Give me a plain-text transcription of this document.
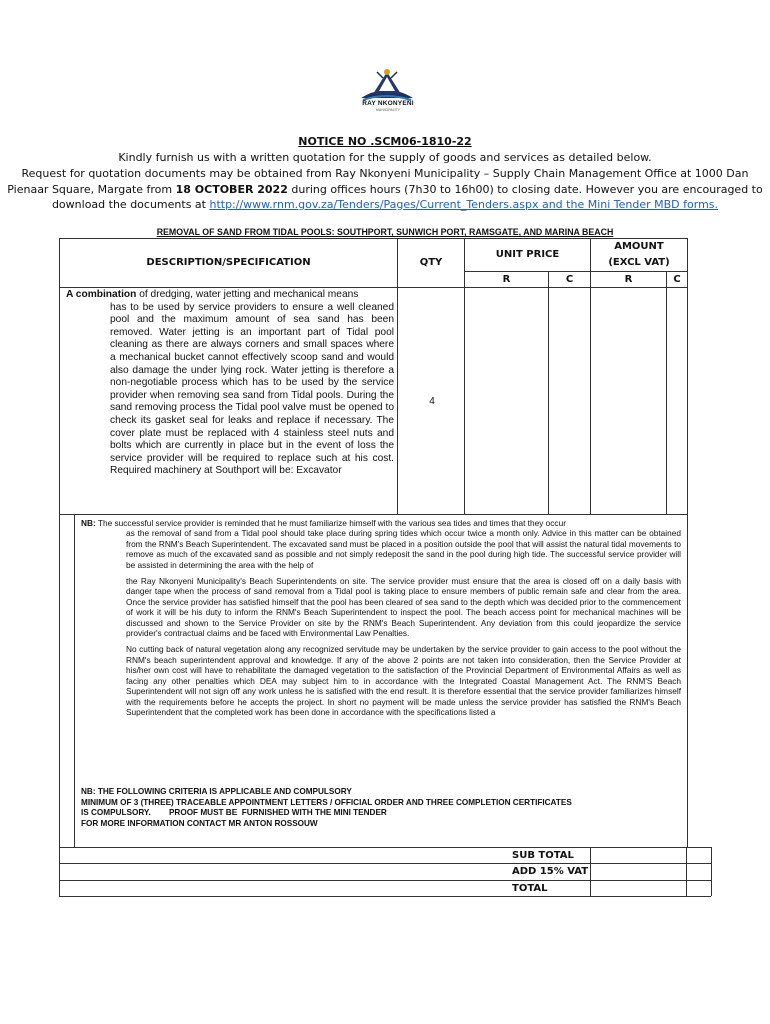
RAY NKONYENI
MUNICIPALITY
NOTICE NO .SCM06-1810-22
Kindly furnish us with a written quotation for the supply of goods and services as detailed below.
Request for quotation documents may be obtained from Ray Nkonyeni Municipality – Supply Chain Management Office at 1000 Dan
Pienaar Square, Margate from 18 OCTOBER 2022 during offices hours (7h30 to 16h00) to closing date. However you are encouraged to
download the documents at http://www.rnm.gov.za/Tenders/Pages/Current_Tenders.aspx and the Mini Tender MBD forms.
REMOVAL OF SAND FROM TIDAL POOLS: SOUTHPORT, SUNWICH PORT, RAMSGATE, AND MARINA BEACH
DESCRIPTION/SPECIFICATION	QTY
UNIT PRICE
AMOUNT
(EXCL VAT)
R	C	R	C
A combination of dredging, water jetting and mechanical means
has to be used by service providers to ensure a well cleaned pool and the maximum amount of sea sand has been removed. Water jetting is an important part of Tidal pool cleaning as there are always corners and small spaces where a mechanical bucket cannot effectively scoop sand and would also damage the under lying rock. Water jetting is therefore a non-negotiable process which has to be used by the service provider when removing sea sand from Tidal pools. During the sand removing process the Tidal pool valve must be opened to check its gasket seal for leaks and replace if necessary. The cover plate must be replaced with 4 stainless steel nuts and bolts which are currently in place but in the event of loss the service provider will be required to replace such at his cost. Required machinery at Southport will be: Excavator
4
NB: The successful service provider is reminded that he must familiarize himself with the various sea tides and times that they occur
as the removal of sand from a Tidal pool should take place during spring tides which occur twice a month only. Advice in this matter can be obtained from the RNM's Beach Superintendent. The excavated sand must be placed in a position outside the pool that will assist the natural tidal movements to remove as much of the excavated sand as possible and not simply redeposit the sand in the pool during high tide. The successful service provider will be assisted in determining the area with the help of
the Ray Nkonyeni Municipality's Beach Superintendents on site. The service provider must ensure that the area is closed off on a daily basis with danger tape when the process of sand removal from a Tidal pool is taking place to ensure members of public remain safe and clear from the area. Once the service provider has satisfied himself that the pool has been cleared of sea sand to the depth which was decided prior to the commencement of work it will be his duty to inform the RNM's Beach Superintendent to inspect the pool. The beach access point for mechanical machines will be discussed and shown to the Service Provider on site by the RNM's Beach Superintendent. Any deviation from this could jeopardize the service provider's contractual claims and be faced with Environmental Law Penalties.
No cutting back of natural vegetation along any recognized servitude may be undertaken by the service provider to gain access to the pool without the RNM's beach superintendent approval and knowledge. If any of the above 2 points are not taken into consideration, then the Service Provider at his/her own cost will have to rehabilitate the damaged vegetation to the satisfaction of the Provincial Department of Environmental Affairs as well as facing any other penalties which DEA may subject him to in accordance with the Integrated Coastal Management Act. The RNM'S Beach Superintendent will not sign off any work unless he is satisfied with the end result. It is therefore essential that the service provider familiarizes himself with the requirements before he accepts the project. In short no payment will be made unless the service provider has satisfied the RNM's Beach Superintendent that the completed work has been done in accordance with the specifications listed a
NB: THE FOLLOWING CRITERIA IS APPLICABLE AND COMPULSORY
MINIMUM OF 3 (THREE) TRACEABLE APPOINTMENT LETTERS / OFFICIAL ORDER AND THREE COMPLETION CERTIFICATES
IS COMPULSORY.        PROOF MUST BE  FURNISHED WITH THE MINI TENDER
FOR MORE INFORMATION CONTACT MR ANTON ROSSOUW
SUB TOTAL
ADD 15% VAT
TOTAL
